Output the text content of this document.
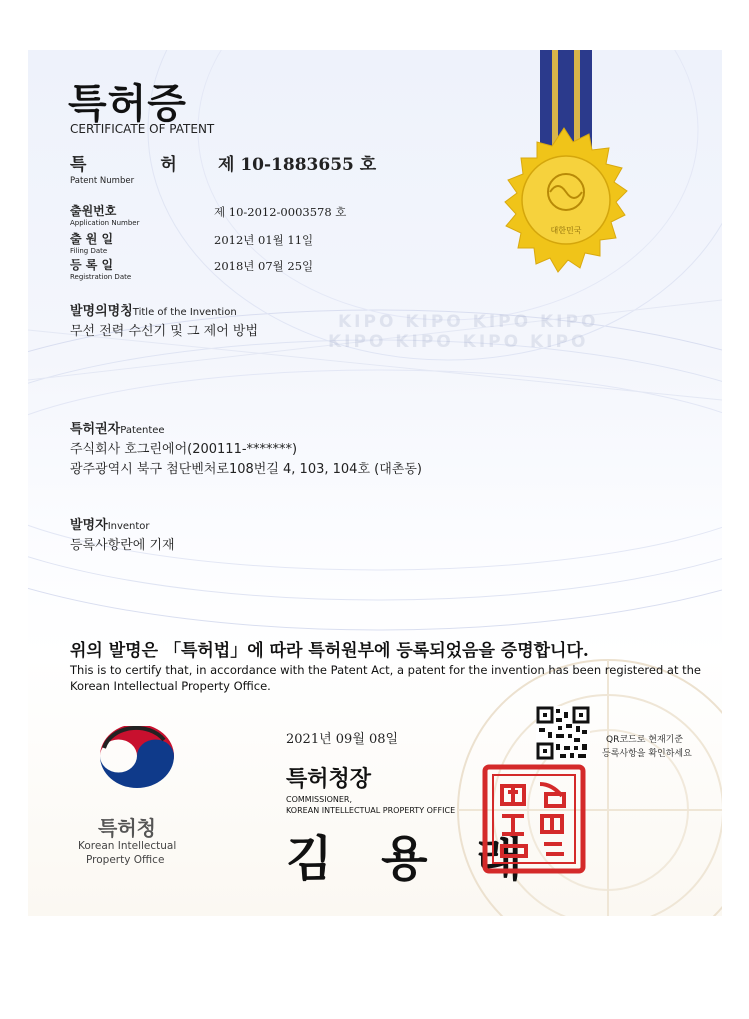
KIPO KIPO KIPO KIPO
KIPO KIPO KIPO KIPO
대한민국
특허증
CERTIFICATE OF PATENT
특 허 제 10-1883655 호
Patent Number
출원번호
Application Number
제 10-2012-0003578 호
출 원 일
Filing Date
2012년 01월 11일
등 록 일
Registration Date
2018년 07월 25일
발명의명칭Title of the Invention
무선 전력 수신기 및 그 제어 방법
특허권자Patentee
주식회사 호그린에어(200111-*******)
광주광역시 북구 첨단벤처로108번길 4, 103, 104호 (대촌동)
발명자Inventor
등록사항란에 기재
위의 발명은 「특허법」에 따라 특허원부에 등록되었음을 증명합니다.
This is to certify that, in accordance with the Patent Act, a patent for the invention has been registered at the Korean Intellectual Property Office.
특허청
Korean Intellectual
Property Office
2021년 09월 08일
특허청장
COMMISSIONER,
KOREAN INTELLECTUAL PROPERTY OFFICE
김 용 래
QR코드로 현재기준
등록사항을 확인하세요
